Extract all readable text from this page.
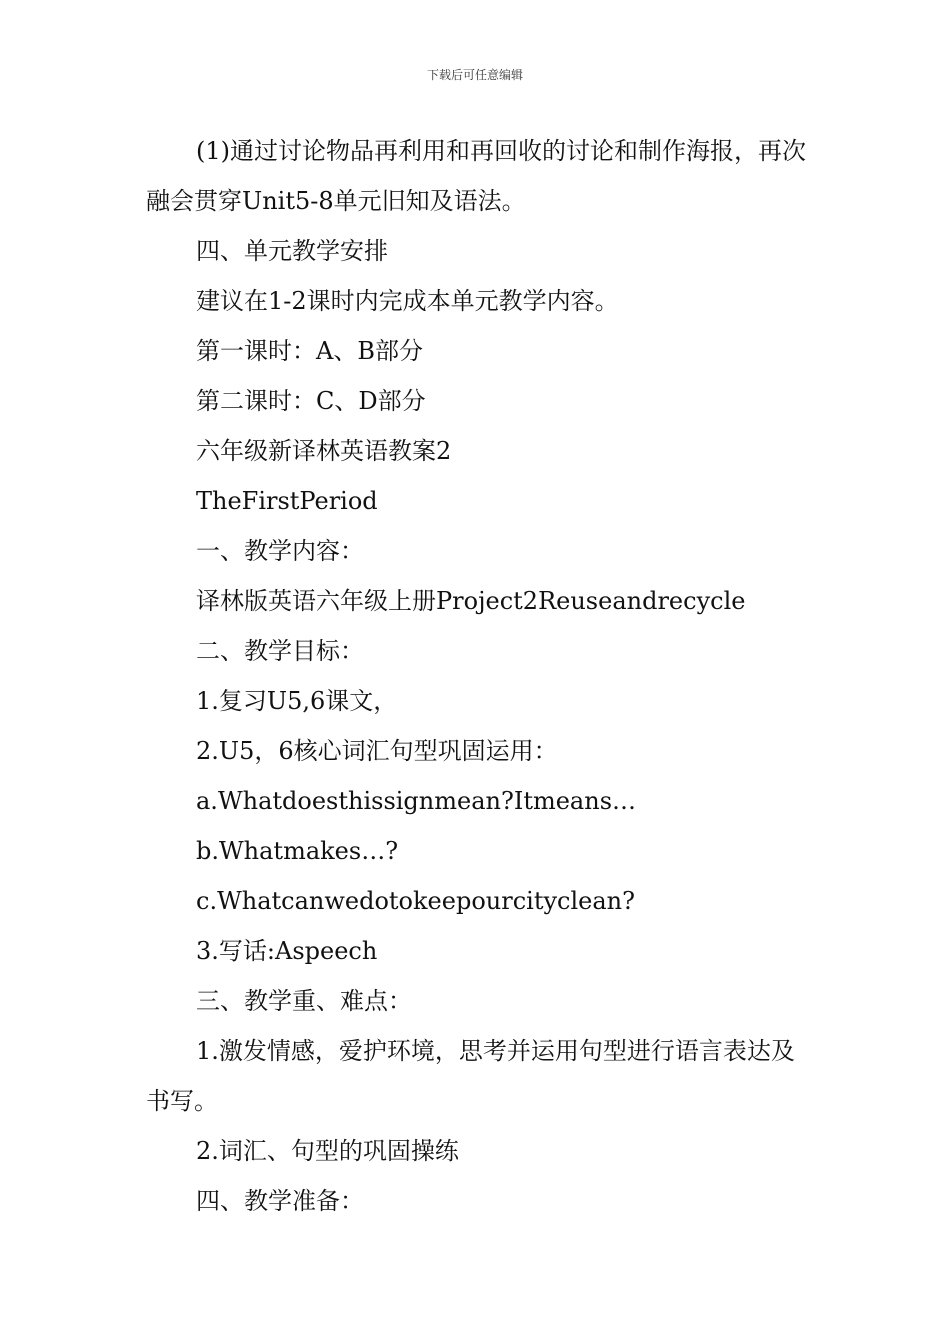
下载后可任意编辑

(1)通过讨论物品再利用和再回收的讨论和制作海报，再次融会贯穿Unit5-8单元旧知及语法。

四、单元教学安排

建议在1-2课时内完成本单元教学内容。

第一课时：A、B部分

第二课时：C、D部分

六年级新译林英语教案2

TheFirstPeriod

一、教学内容：

译林版英语六年级上册Project2Reuseandrecycle

二、教学目标：

1.复习U5,6课文，

2.U5，6核心词汇句型巩固运用：

a.Whatdoesthissignmean?Itmeans…

b.Whatmakes…?

c.Whatcanwedotokeepourcityclean?

3.写话:Aspeech

三、教学重、难点：

1.激发情感，爱护环境，思考并运用句型进行语言表达及书写。

2.词汇、句型的巩固操练

四、教学准备：
